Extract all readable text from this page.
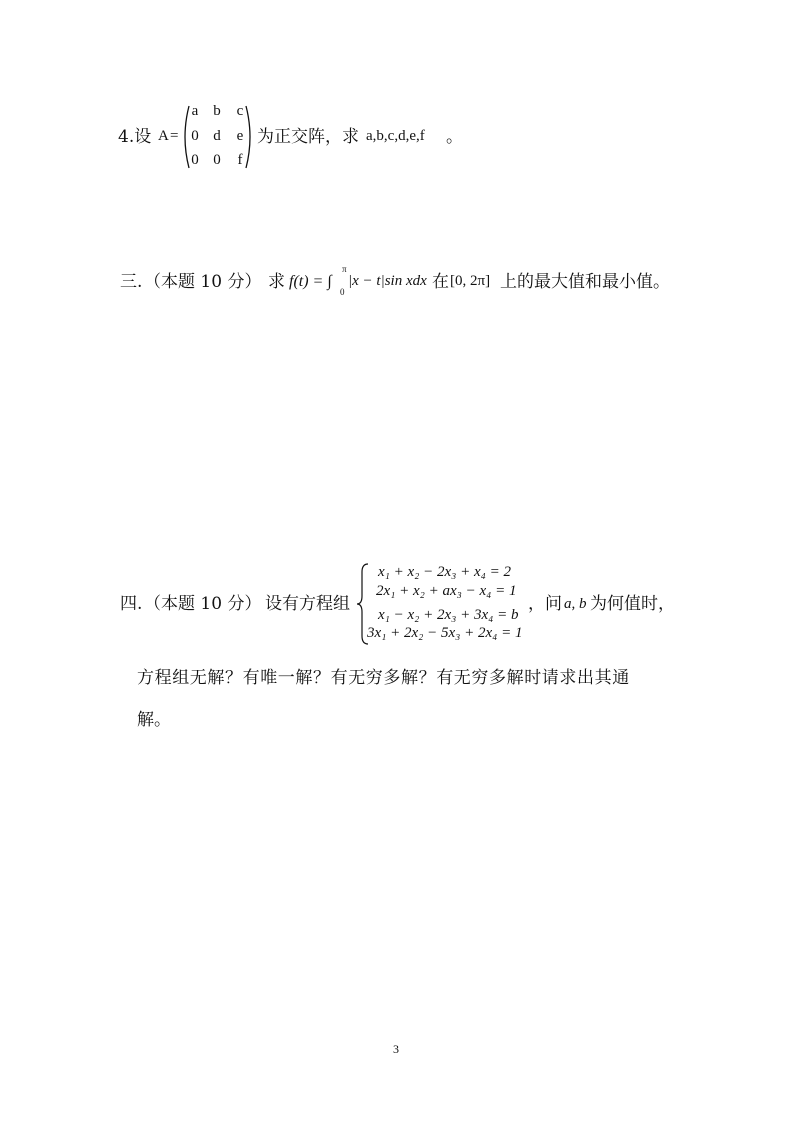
4.设 A =
a b c
0 d e
0 0	f
为正交阵，求 a,b,c,d,e,f 。
三. （本题 10 分） 求 f(t) = ∫
π
0
|x − t|sin xdx 在 [0, 2π] 上的最大值和最小值。
四. （本题 10 分） 设有方程组
x₁ + x₂ − 2x₃ + x₄ = 2
2x₁ + x₂ + ax₃ − x₄ = 1
x₁ − x₂ + 2x₃ + 3x₄ = b
3x₁ + 2x₂ − 5x₃ + 2x₄ = 1
，问 a, b 为何值时，
方程组无解？有唯一解？有无穷多解？有无穷多解时请求出其通
解。
3
